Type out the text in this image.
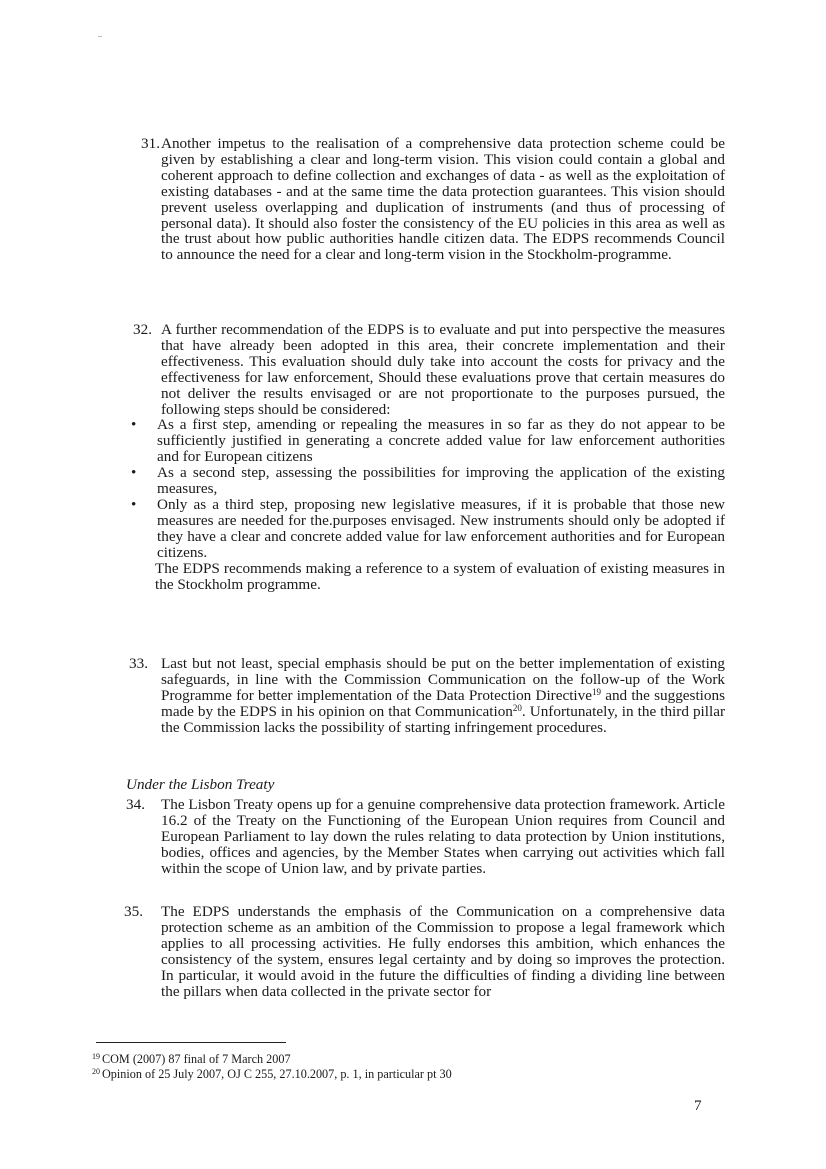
31. Another impetus to the realisation of a comprehensive data protection scheme could be given by establishing a clear and long-term vision. This vision could contain a global and coherent approach to define collection and exchanges of data - as well as the exploitation of existing databases - and at the same time the data protection guarantees. This vision should prevent useless overlapping and duplication of instruments (and thus of processing of personal data). It should also foster the consistency of the EU policies in this area as well as the trust about how public authorities handle citizen data. The EDPS recommends Council to announce the need for a clear and long-term vision in the Stockholm-programme.
32. A further recommendation of the EDPS is to evaluate and put into perspective the measures that have already been adopted in this area, their concrete implementation and their effectiveness. This evaluation should duly take into account the costs for privacy and the effectiveness for law enforcement, Should these evaluations prove that certain measures do not deliver the results envisaged or are not proportionate to the purposes pursued, the following steps should be considered:
•	As a first step, amending or repealing the measures in so far as they do not appear to be sufficiently justified in generating a concrete added value for law enforcement authorities and for European citizens
•	As a second step, assessing the possibilities for improving the application of the existing measures,
•	Only as a third step, proposing new legislative measures, if it is probable that those new measures are needed for the.purposes envisaged. New instruments should only be adopted if they have a clear and concrete added value for law enforcement authorities and for European citizens.
The EDPS recommends making a reference to a system of evaluation of existing measures in the Stockholm programme.
33. Last but not least, special emphasis should be put on the better implementation of existing safeguards, in line with the Commission Communication on the follow-up of the Work Programme for better implementation of the Data Protection Directive$^{19}$ and the suggestions made by the EDPS in his opinion on that Communication$^{20}$. Unfortunately, in the third pillar the Commission lacks the possibility of starting infringement procedures.
Under the Lisbon Treaty
34. The Lisbon Treaty opens up for a genuine comprehensive data protection framework. Article 16.2 of the Treaty on the Functioning of the European Union requires from Council and European Parliament to lay down the rules relating to data protection by Union institutions, bodies, offices and agencies, by the Member States when carrying out activities which fall within the scope of Union law, and by private parties.
35. The EDPS understands the emphasis of the Communication on a comprehensive data protection scheme as an ambition of the Commission to propose a legal framework which applies to all processing activities. He fully endorses this ambition, which enhances the consistency of the system, ensures legal certainty and by doing so improves the protection. In particular, it would avoid in the future the difficulties of finding a dividing line between the pillars when data collected in the private sector for
$^{19}$ COM (2007) 87 final of 7 March 2007
$^{20}$ Opinion of 25 July 2007, OJ C 255, 27.10.2007, p. 1, in particular pt 30
7
